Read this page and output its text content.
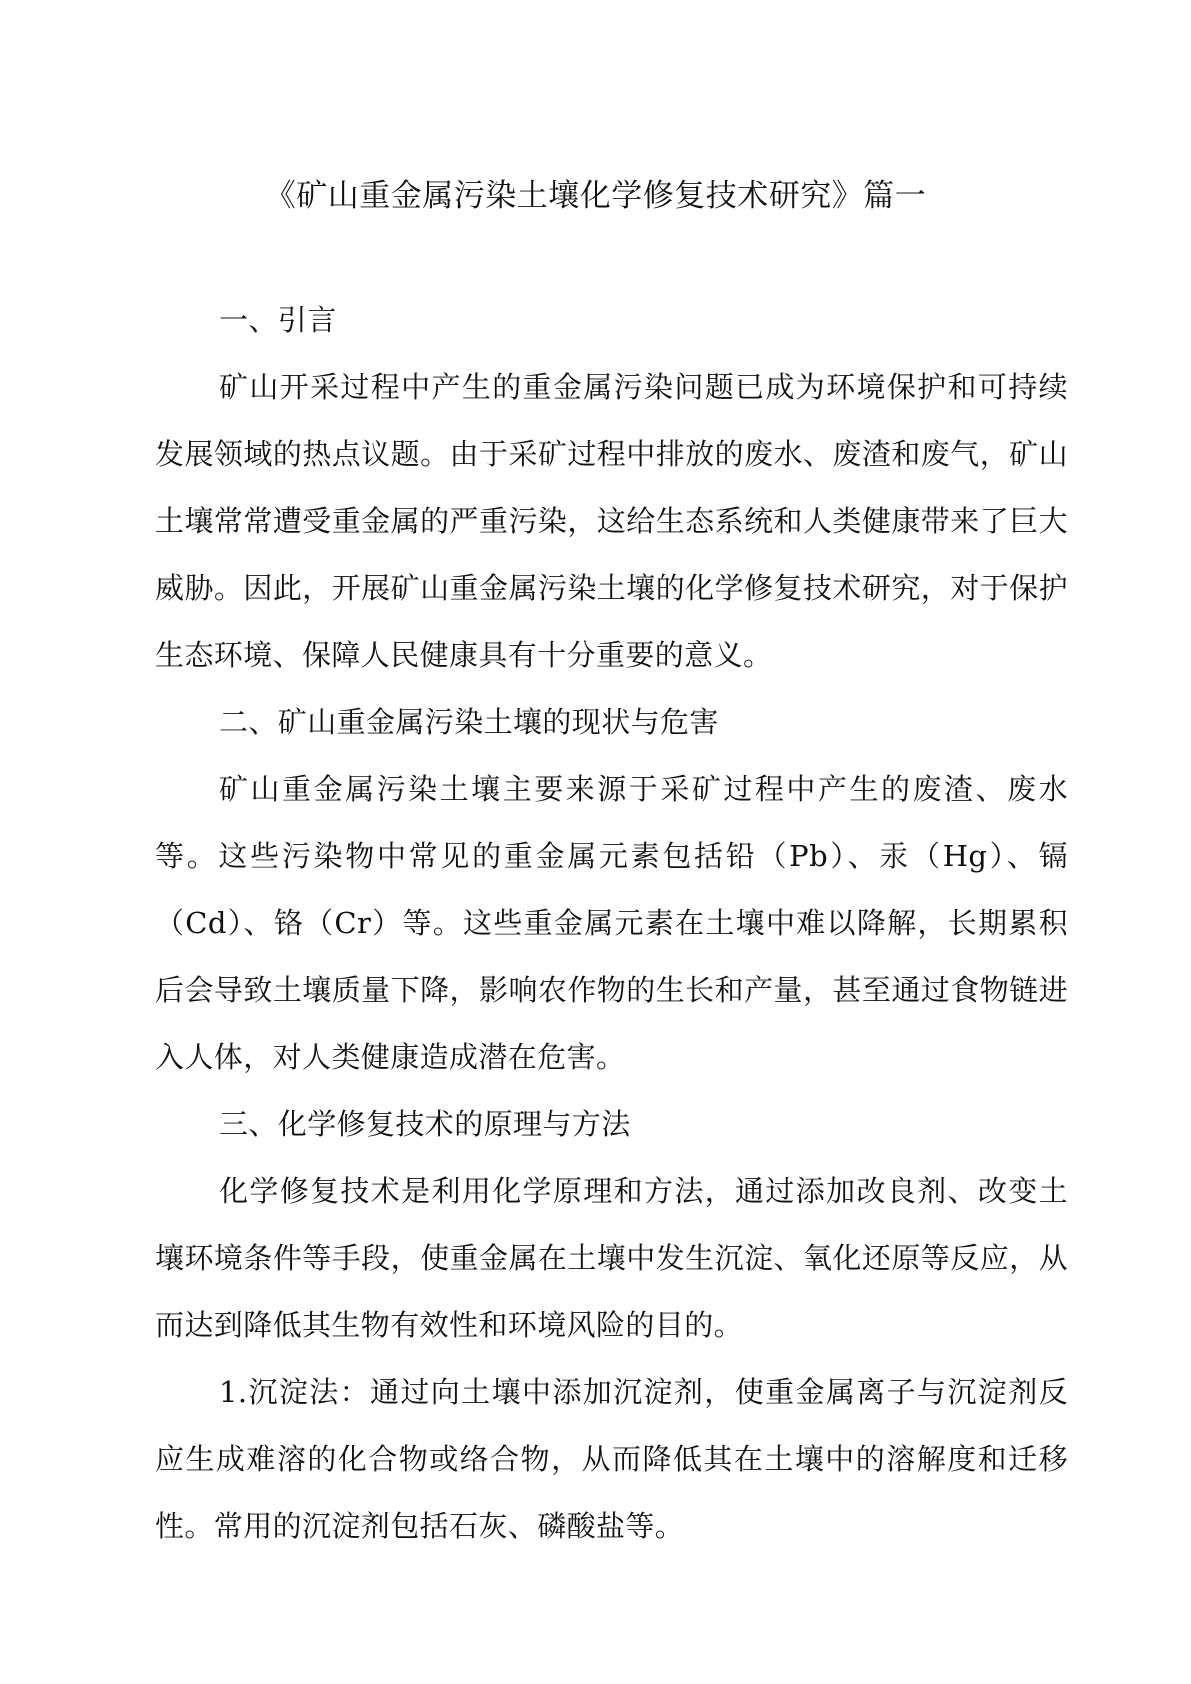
《矿山重金属污染土壤化学修复技术研究》篇一

一、引言

矿山开采过程中产生的重金属污染问题已成为环境保护和可持续发展领域的热点议题。由于采矿过程中排放的废水、废渣和废气，矿山土壤常常遭受重金属的严重污染，这给生态系统和人类健康带来了巨大威胁。因此，开展矿山重金属污染土壤的化学修复技术研究，对于保护生态环境、保障人民健康具有十分重要的意义。

二、矿山重金属污染土壤的现状与危害

矿山重金属污染土壤主要来源于采矿过程中产生的废渣、废水等。这些污染物中常见的重金属元素包括铅（Pb）、汞（Hg）、镉（Cd）、铬（Cr）等。这些重金属元素在土壤中难以降解，长期累积后会导致土壤质量下降，影响农作物的生长和产量，甚至通过食物链进入人体，对人类健康造成潜在危害。

三、化学修复技术的原理与方法

化学修复技术是利用化学原理和方法，通过添加改良剂、改变土壤环境条件等手段，使重金属在土壤中发生沉淀、氧化还原等反应，从而达到降低其生物有效性和环境风险的目的。

1.沉淀法：通过向土壤中添加沉淀剂，使重金属离子与沉淀剂反应生成难溶的化合物或络合物，从而降低其在土壤中的溶解度和迁移性。常用的沉淀剂包括石灰、磷酸盐等。
